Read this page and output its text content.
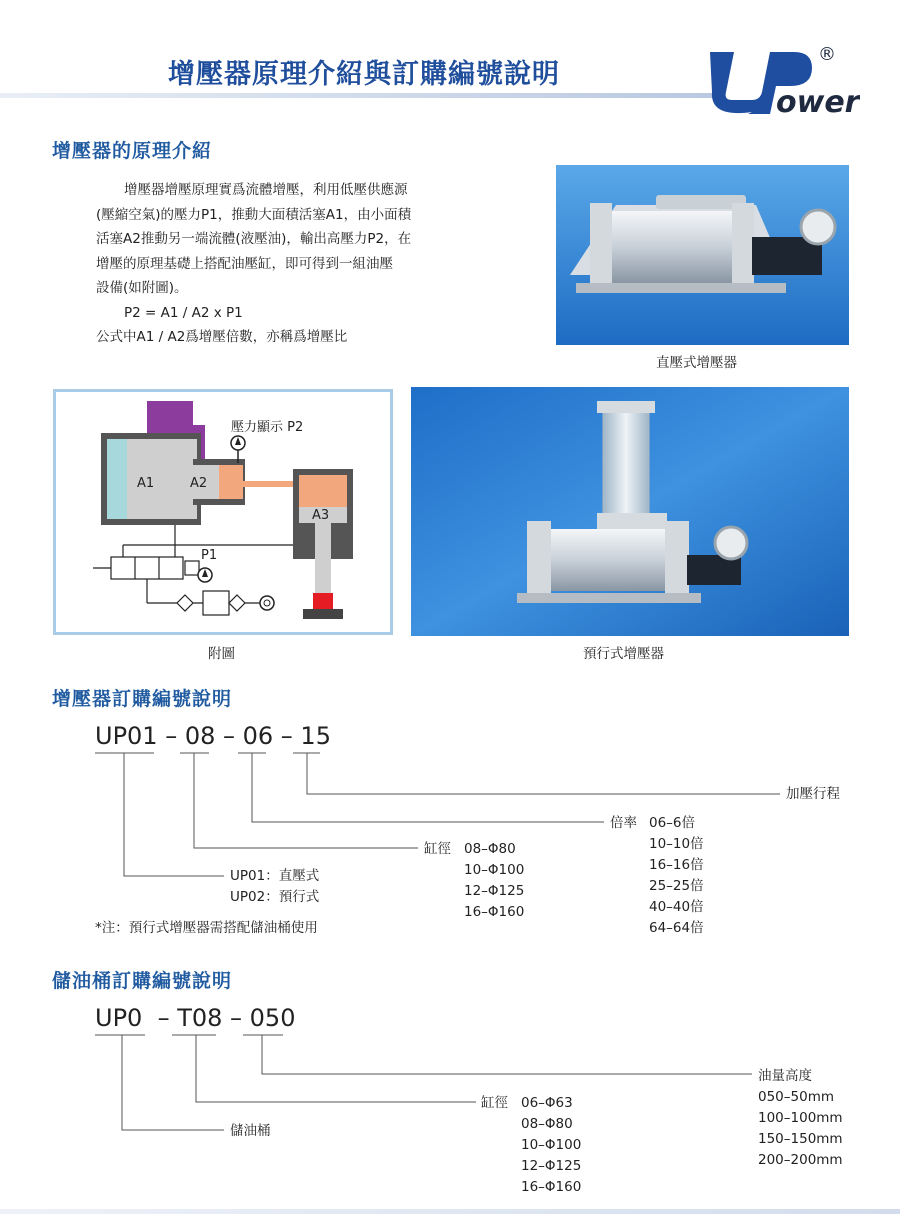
增壓器原理介紹與訂購編號說明
®
ower
增壓器的原理介紹

增壓器增壓原理實爲流體增壓，利用低壓供應源

(壓縮空氣)的壓力P1，推動大面積活塞A1，由小面積

活塞A2推動另一端流體(液壓油)，輸出高壓力P2，在

增壓的原理基礎上搭配油壓缸，即可得到一組油壓

設備(如附圖)。

P2 = A1 / A2 x P1

公式中A1 / A2爲增壓倍數，亦稱爲增壓比

直壓式增壓器
A1	A2
壓力顯示 P2
A3
P1
附圖	預行式增壓器
增壓器訂購編號說明
UP01 – 08 – 06 – 15
加壓行程
倍率 06–6倍
10–10倍
16–16倍
25–25倍
40–40倍
64–64倍
缸徑 08–Φ80
10–Φ100
12–Φ125
16–Φ160
UP01：直壓式
UP02：預行式
*注：預行式增壓器需搭配儲油桶使用
儲油桶訂購編號說明
UP0  – T08 – 050
油量高度
050–50mm
100–100mm
150–150mm
200–200mm
缸徑 06–Φ63
08–Φ80
10–Φ100
12–Φ125
16–Φ160
儲油桶
